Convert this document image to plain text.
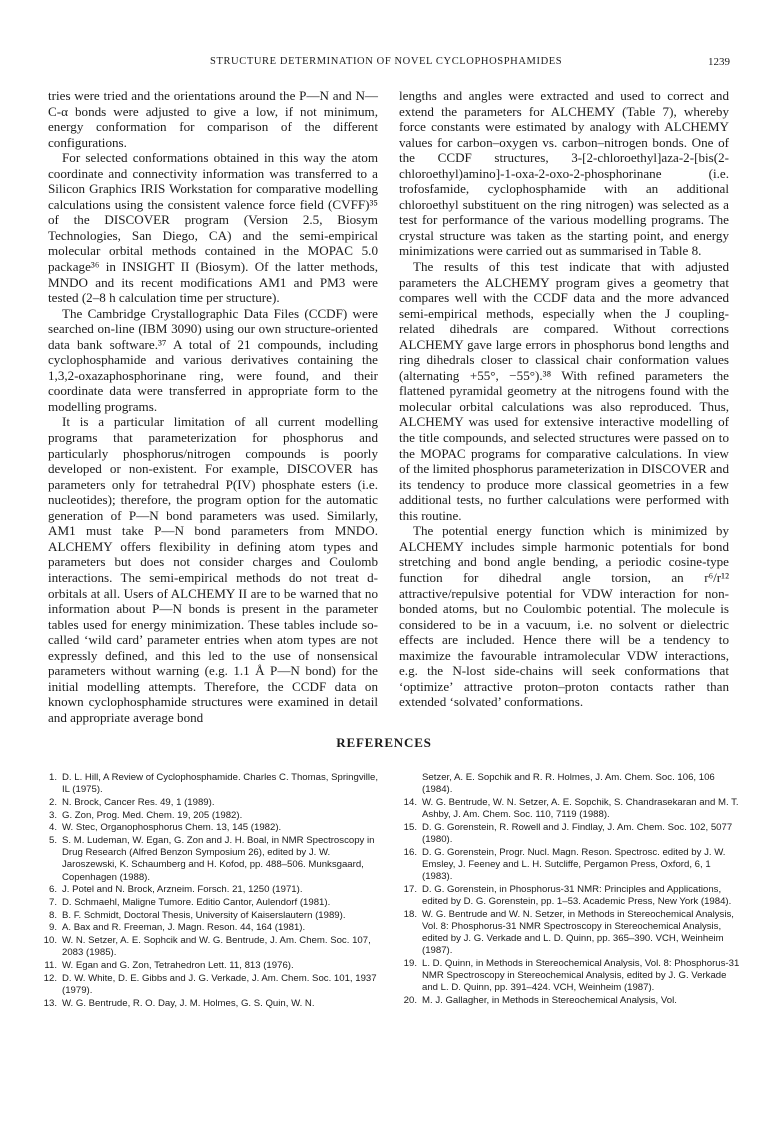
STRUCTURE DETERMINATION OF NOVEL CYCLOPHOSPHAMIDES	1239

tries were tried and the orientations around the P—N and N—C-α bonds were adjusted to give a low, if not minimum, energy conformation for comparison of the different configurations.

For selected conformations obtained in this way the atom coordinate and connectivity information was transferred to a Silicon Graphics IRIS Workstation for comparative modelling calculations using the consistent valence force field (CVFF)³⁵ of the DISCOVER program (Version 2.5, Biosym Technologies, San Diego, CA) and the semi-empirical molecular orbital methods contained in the MOPAC 5.0 package³⁶ in INSIGHT II (Biosym). Of the latter methods, MNDO and its recent modifications AM1 and PM3 were tested (2–8 h calculation time per structure).

The Cambridge Crystallographic Data Files (CCDF) were searched on-line (IBM 3090) using our own structure-oriented data bank software.³⁷ A total of 21 compounds, including cyclophosphamide and various derivatives containing the 1,3,2-oxazaphosphorinane ring, were found, and their coordinate data were transferred in appropriate form to the modelling programs.

It is a particular limitation of all current modelling programs that parameterization for phosphorus and particularly phosphorus/nitrogen compounds is poorly developed or non-existent. For example, DISCOVER has parameters only for tetrahedral P(IV) phosphate esters (i.e. nucleotides); therefore, the program option for the automatic generation of P—N bond parameters was used. Similarly, AM1 must take P—N bond parameters from MNDO. ALCHEMY offers flexibility in defining atom types and parameters but does not consider charges and Coulomb interactions. The semi-empirical methods do not treat d-orbitals at all. Users of ALCHEMY II are to be warned that no information about P—N bonds is present in the parameter tables used for energy minimization. These tables include so-called ‘wild card’ parameter entries when atom types are not expressly defined, and this led to the use of nonsensical parameters without warning (e.g. 1.1 Å P—N bond) for the initial modelling attempts. Therefore, the CCDF data on known cyclophosphamide structures were examined in detail and appropriate average bond

lengths and angles were extracted and used to correct and extend the parameters for ALCHEMY (Table 7), whereby force constants were estimated by analogy with ALCHEMY values for carbon–oxygen vs. carbon–nitrogen bonds. One of the CCDF structures, 3-[2-chloroethyl]aza-2-[bis(2-chloroethyl)amino]-1-oxa-2-oxo-2-phosphorinane (i.e. trofosfamide, cyclophosphamide with an additional chloroethyl substituent on the ring nitrogen) was selected as a test for performance of the various modelling programs. The crystal structure was taken as the starting point, and energy minimizations were carried out as summarised in Table 8.

The results of this test indicate that with adjusted parameters the ALCHEMY program gives a geometry that compares well with the CCDF data and the more advanced semi-empirical methods, especially when the J coupling-related dihedrals are compared. Without corrections ALCHEMY gave large errors in phosphorus bond lengths and ring dihedrals closer to classical chair conformation values (alternating +55°, −55°).³⁸ With refined parameters the flattened pyramidal geometry at the nitrogens found with the molecular orbital calculations was also reproduced. Thus, ALCHEMY was used for extensive interactive modelling of the title compounds, and selected structures were passed on to the MOPAC programs for comparative calculations. In view of the limited phosphorus parameterization in DISCOVER and its tendency to produce more classical geometries in a few additional tests, no further calculations were performed with this routine.

The potential energy function which is minimized by ALCHEMY includes simple harmonic potentials for bond stretching and bond angle bending, a periodic cosine-type function for dihedral angle torsion, an r⁶/r¹² attractive/repulsive potential for VDW interaction for non-bonded atoms, but no Coulombic potential. The molecule is considered to be in a vacuum, i.e. no solvent or dielectric effects are included. Hence there will be a tendency to maximize the favourable intramolecular VDW interactions, e.g. the N-lost side-chains will seek conformations that ‘optimize’ attractive proton–proton contacts rather than extended ‘solvated’ conformations.

REFERENCES
1. D. L. Hill, A Review of Cyclophosphamide. Charles C. Thomas, Springville, IL (1975).
2. N. Brock, Cancer Res. 49, 1 (1989).
3. G. Zon, Prog. Med. Chem. 19, 205 (1982).
4. W. Stec, Organophosphorus Chem. 13, 145 (1982).
5. S. M. Ludeman, W. Egan, G. Zon and J. H. Boal, in NMR Spectroscopy in Drug Research (Alfred Benzon Symposium 26), edited by J. W. Jaroszewski, K. Schaumberg and H. Kofod, pp. 488–506. Munksgaard, Copenhagen (1988).
6. J. Potel and N. Brock, Arzneim. Forsch. 21, 1250 (1971).
7. D. Schmaehl, Maligne Tumore. Editio Cantor, Aulendorf (1981).
8. B. F. Schmidt, Doctoral Thesis, University of Kaiserslautern (1989).
9. A. Bax and R. Freeman, J. Magn. Reson. 44, 164 (1981).
10. W. N. Setzer, A. E. Sophcik and W. G. Bentrude, J. Am. Chem. Soc. 107, 2083 (1985).
11. W. Egan and G. Zon, Tetrahedron Lett. 11, 813 (1976).
12. D. W. White, D. E. Gibbs and J. G. Verkade, J. Am. Chem. Soc. 101, 1937 (1979).
13. W. G. Bentrude, R. O. Day, J. M. Holmes, G. S. Quin, W. N.
Setzer, A. E. Sopchik and R. R. Holmes, J. Am. Chem. Soc. 106, 106 (1984).
14. W. G. Bentrude, W. N. Setzer, A. E. Sopchik, S. Chandrasekaran and M. T. Ashby, J. Am. Chem. Soc. 110, 7119 (1988).
15. D. G. Gorenstein, R. Rowell and J. Findlay, J. Am. Chem. Soc. 102, 5077 (1980).
16. D. G. Gorenstein, Progr. Nucl. Magn. Reson. Spectrosc. edited by J. W. Emsley, J. Feeney and L. H. Sutcliffe, Pergamon Press, Oxford, 6, 1 (1983).
17. D. G. Gorenstein, in Phosphorus-31 NMR: Principles and Applications, edited by D. G. Gorenstein, pp. 1–53. Academic Press, New York (1984).
18. W. G. Bentrude and W. N. Setzer, in Methods in Stereochemical Analysis, Vol. 8: Phosphorus-31 NMR Spectroscopy in Stereochemical Analysis, edited by J. G. Verkade and L. D. Quinn, pp. 365–390. VCH, Weinheim (1987).
19. L. D. Quinn, in Methods in Stereochemical Analysis, Vol. 8: Phosphorus-31 NMR Spectroscopy in Stereochemical Analysis, edited by J. G. Verkade and L. D. Quinn, pp. 391–424. VCH, Weinheim (1987).
20. M. J. Gallagher, in Methods in Stereochemical Analysis, Vol.
